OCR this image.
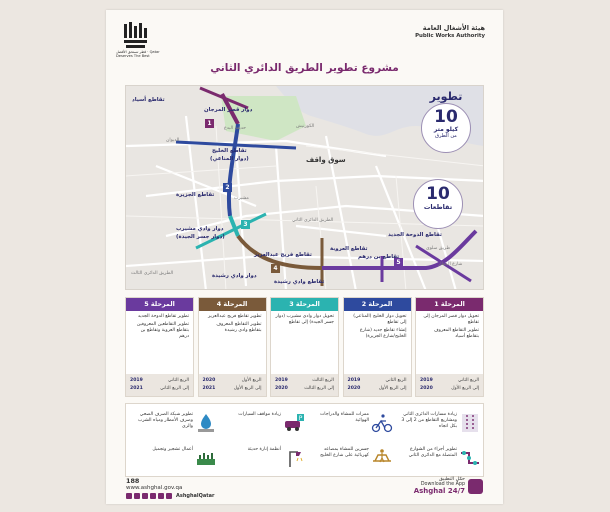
قطر تستحق الأفضل · Qatar Deserves The Best
هيئة الأشغال العامة
Public Works Authority
مشروع تطوير الطريق الدائري الثاني
1
2
3
4
5
تقاطع أسياد
دوار قصر المرجان
حديقة البدع
تقاطع الخليج
(دوار المناعي)
تقاطع الجزيرة
دوار وادي مشيرب
(دوار جسر الجيدة)
تقاطع فريج عبدالعزيز
دوار وادي رشيدة
تقاطع وادي رشيدة
تقاطع العروبة
تقاطع بن درهم
تقاطع الدوحة الجديد
سوق واقف
الكورنيش
الديوان
مشيرب
الطريق الدائري الثاني
الطريق الدائري الثالث
شارع المطار
طريق سلوى
تطوير
10
كيلو متر
من الطرق
10
تقاطعات
المرحلة 1

تحويل دوار قصر المرجان إلى تقاطع

تطوير التقاطع المعروف بتقاطع أسياد

الربع الثاني
2019
إلى الربع الأول
2020
المرحلة 2

تحويل دوار الخليج (المناعي) إلى تقاطع

إنشاء تقاطع جديد (شارع الخليج/شارع الجزيرة)

الربع الثاني
2019
إلى الربع الأول
2020
المرحلة 3

تحويل دوار وادي مشيرب (دوار جسر الجيدة) إلى تقاطع

الربع الثالث
2019
إلى الربع الثالث
2020
المرحلة 4

تطوير تقاطع فريج عبدالعزيز

تطوير التقاطع المعروف بتقاطع وادي رشيدة

الربع الأول
2020
إلى الربع الأول
2021
المرحلة 5

تطوير تقاطع الدوحة الجديد

تطوير التقاطعين المعروفين بتقاطع العروبة وتقاطع بن درهم

الربع الثاني
2019
إلى الربع الثاني
2021
زيادة مسارات الدائري الثاني ومشاريع التقاطع من 2 إلى 3 بكل اتجاه
ممرات للمشاة والدراجات الهوائية
P
زيادة مواقف السيارات
تطوير شبكة الصرف الصحي وصرف الأمطار ومياه الشرب والري
تطوير أجزاء من الشوارع المتصلة مع الدائري الثاني
جسرين للمشاة بمصاعد كهربائية على شارع الخليج
أنظمة إنارة حديثة
أعمال تشجير وتجميل
188
www.ashghal.gov.qa
AshghalQatar
حمّل التطبيق
Download the App
Ashghal 24/7
